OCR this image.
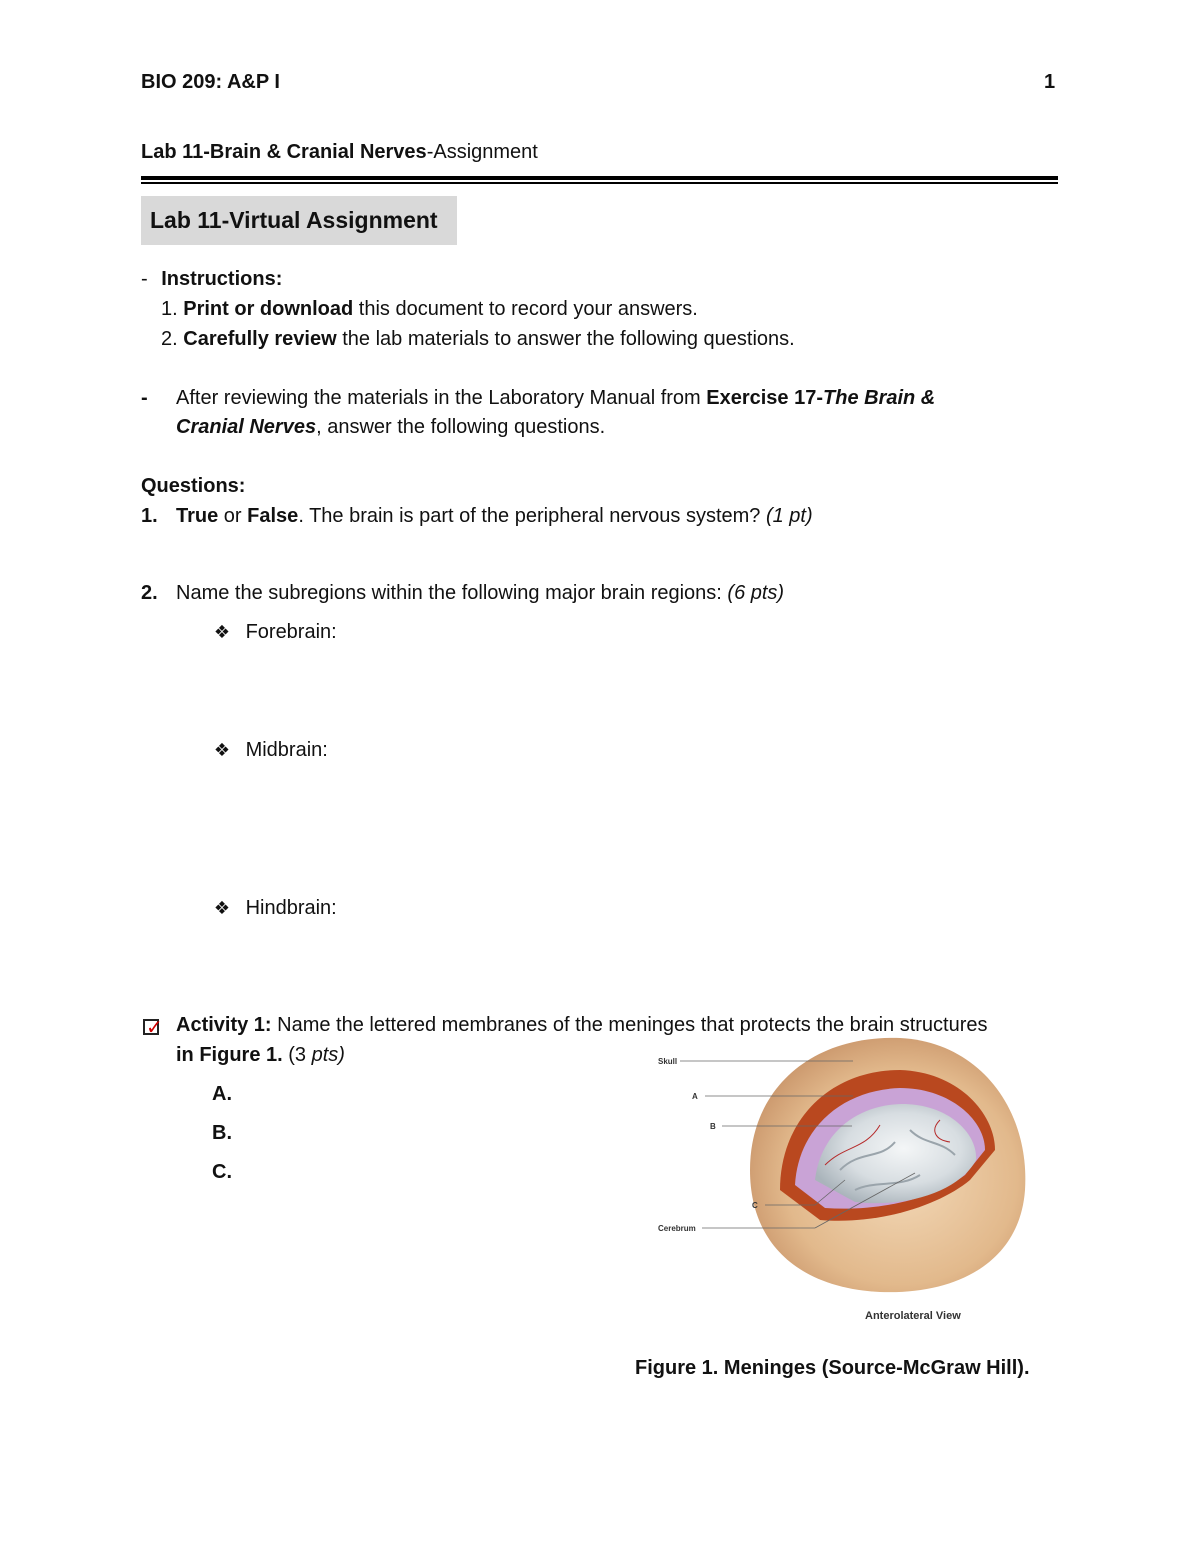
BIO 209: A&P I	1
Lab 11-Brain & Cranial Nerves-Assignment
Lab 11-Virtual Assignment
- Instructions:
1. Print or download this document to record your answers.
2. Carefully review the lab materials to answer the following questions.
- After reviewing the materials in the Laboratory Manual from Exercise 17-The Brain &
Cranial Nerves, answer the following questions.
Questions:
1. True or False. The brain is part of the peripheral nervous system? (1 pt)
2. Name the subregions within the following major brain regions: (6 pts)
❖ Forebrain:
❖ Midbrain:
❖ Hindbrain:
✓ Activity 1: Name the lettered membranes of the meninges that protects the brain structures
in Figure 1. (3 pts)
A.
B.
C.
Skull
A
B
C
Cerebrum
Anterolateral View
Figure 1. Meninges (Source-McGraw Hill).
